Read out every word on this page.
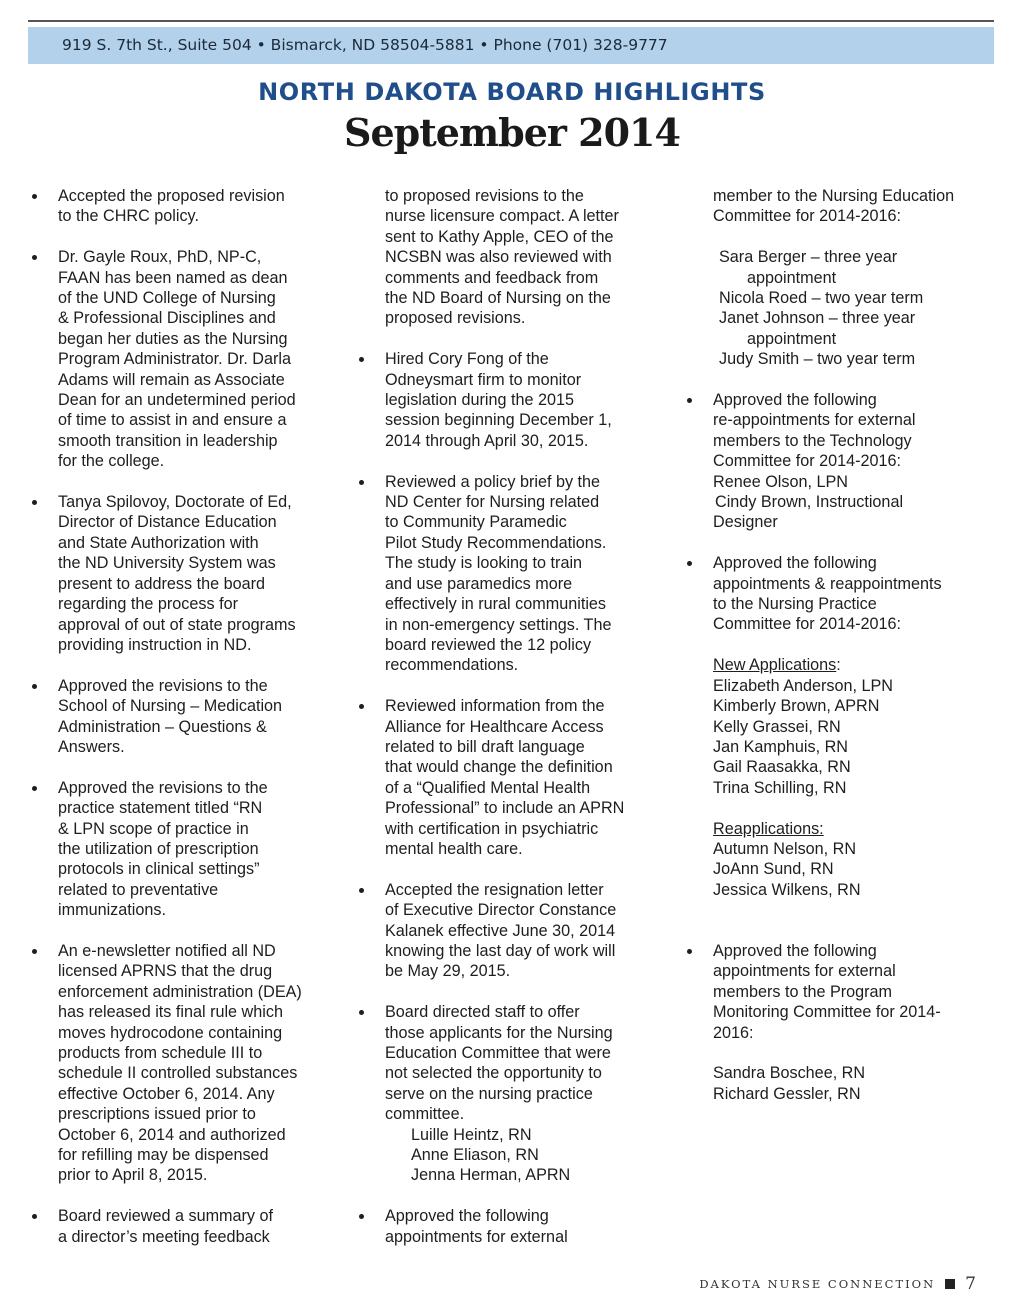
919 S. 7th St., Suite 504 • Bismarck, ND 58504-5881 • Phone (701) 328-9777
NORTH DAKOTA BOARD HIGHLIGHTS
September 2014

Accepted the proposed revision
to the CHRC policy.

Dr. Gayle Roux, PhD, NP-C,
FAAN has been named as dean
of the UND College of Nursing
& Professional Disciplines and
began her duties as the Nursing
Program Administrator. Dr. Darla
Adams will remain as Associate
Dean for an undetermined period
of time to assist in and ensure a
smooth transition in leadership
for the college.

Tanya Spilovoy, Doctorate of Ed,
Director of Distance Education
and State Authorization with
the ND University System was
present to address the board
regarding the process for
approval of out of state programs
providing instruction in ND.

Approved the revisions to the
School of Nursing – Medication
Administration – Questions &
Answers.

Approved the revisions to the
practice statement titled “RN
& LPN scope of practice in
the utilization of prescription
protocols in clinical settings”
related to preventative
immunizations.

An e-newsletter notified all ND
licensed APRNS that the drug
enforcement administration (DEA)
has released its final rule which
moves hydrocodone containing
products from schedule III to
schedule II controlled substances
effective October 6, 2014. Any
prescriptions issued prior to
October 6, 2014 and authorized
for refilling may be dispensed
prior to April 8, 2015.

Board reviewed a summary of
a director’s meeting feedback

to proposed revisions to the
nurse licensure compact. A letter
sent to Kathy Apple, CEO of the
NCSBN was also reviewed with
comments and feedback from
the ND Board of Nursing on the
proposed revisions.

Hired Cory Fong of the
Odneysmart firm to monitor
legislation during the 2015
session beginning December 1,
2014 through April 30, 2015.

Reviewed a policy brief by the
ND Center for Nursing related
to Community Paramedic
Pilot Study Recommendations.
The study is looking to train
and use paramedics more
effectively in rural communities
in non-emergency settings. The
board reviewed the 12 policy
recommendations.

Reviewed information from the
Alliance for Healthcare Access
related to bill draft language
that would change the definition
of a “Qualified Mental Health
Professional” to include an APRN
with certification in psychiatric
mental health care.

Accepted the resignation letter
of Executive Director Constance
Kalanek effective June 30, 2014
knowing the last day of work will
be May 29, 2015.

Board directed staff to offer
those applicants for the Nursing
Education Committee that were
not selected the opportunity to
serve on the nursing practice
committee.

Luille Heintz, RN

Anne Eliason, RN

Jenna Herman, APRN

Approved the following
appointments for external

member to the Nursing Education
Committee for 2014-2016:

Sara Berger – three year

appointment

Nicola Roed – two year term

Janet Johnson – three year

appointment

Judy Smith – two year term

Approved the following
re-appointments for external
members to the Technology
Committee for 2014-2016:

Renee Olson, LPN

Cindy Brown, Instructional

Designer

Approved the following
appointments & reappointments
to the Nursing Practice
Committee for 2014-2016:

New Applications:

Elizabeth Anderson, LPN

Kimberly Brown, APRN

Kelly Grassei, RN

Jan Kamphuis, RN

Gail Raasakka, RN

Trina Schilling, RN

Reapplications:

Autumn Nelson, RN

JoAnn Sund, RN

Jessica Wilkens, RN

Approved the following
appointments for external
members to the Program
Monitoring Committee for 2014-
2016:

Sandra Boschee, RN

Richard Gessler, RN

DAKOTA NURSE CONNECTION 7
